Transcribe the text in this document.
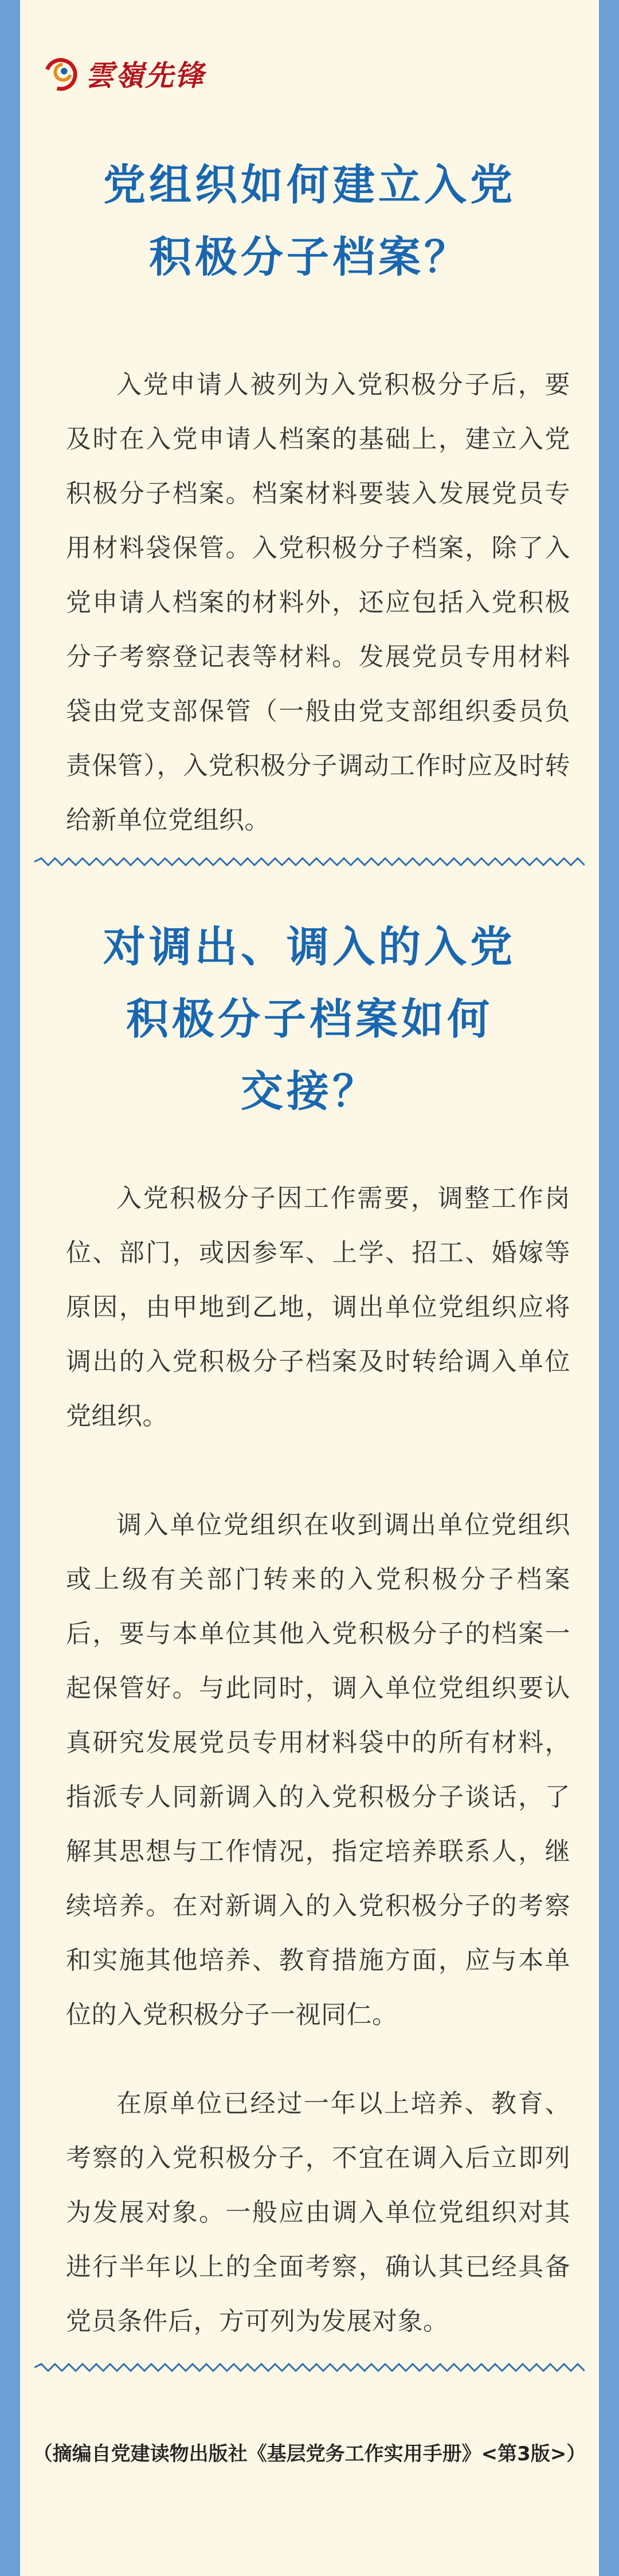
雲嶺先锋
党组织如何建立入党
积极分子档案？

入党申请人被列为入党积极分子后，要及时在入党申请人档案的基础上，建立入党积极分子档案。档案材料要装入发展党员专用材料袋保管。入党积极分子档案，除了入党申请人档案的材料外，还应包括入党积极分子考察登记表等材料。发展党员专用材料袋由党支部保管（一般由党支部组织委员负责保管），入党积极分子调动工作时应及时转给新单位党组织。

对调出、调入的入党
积极分子档案如何
交接？

入党积极分子因工作需要，调整工作岗位、部门，或因参军、上学、招工、婚嫁等原因，由甲地到乙地，调出单位党组织应将调出的入党积极分子档案及时转给调入单位党组织。

调入单位党组织在收到调出单位党组织或上级有关部门转来的入党积极分子档案后，要与本单位其他入党积极分子的档案一起保管好。与此同时，调入单位党组织要认真研究发展党员专用材料袋中的所有材料，指派专人同新调入的入党积极分子谈话，了解其思想与工作情况，指定培养联系人，继续培养。在对新调入的入党积极分子的考察和实施其他培养、教育措施方面，应与本单位的入党积极分子一视同仁。

在原单位已经过一年以上培养、教育、考察的入党积极分子，不宜在调入后立即列为发展对象。一般应由调入单位党组织对其进行半年以上的全面考察，确认其已经具备党员条件后，方可列为发展对象。

（摘编自党建读物出版社《基层党务工作实用手册》<第3版>）
